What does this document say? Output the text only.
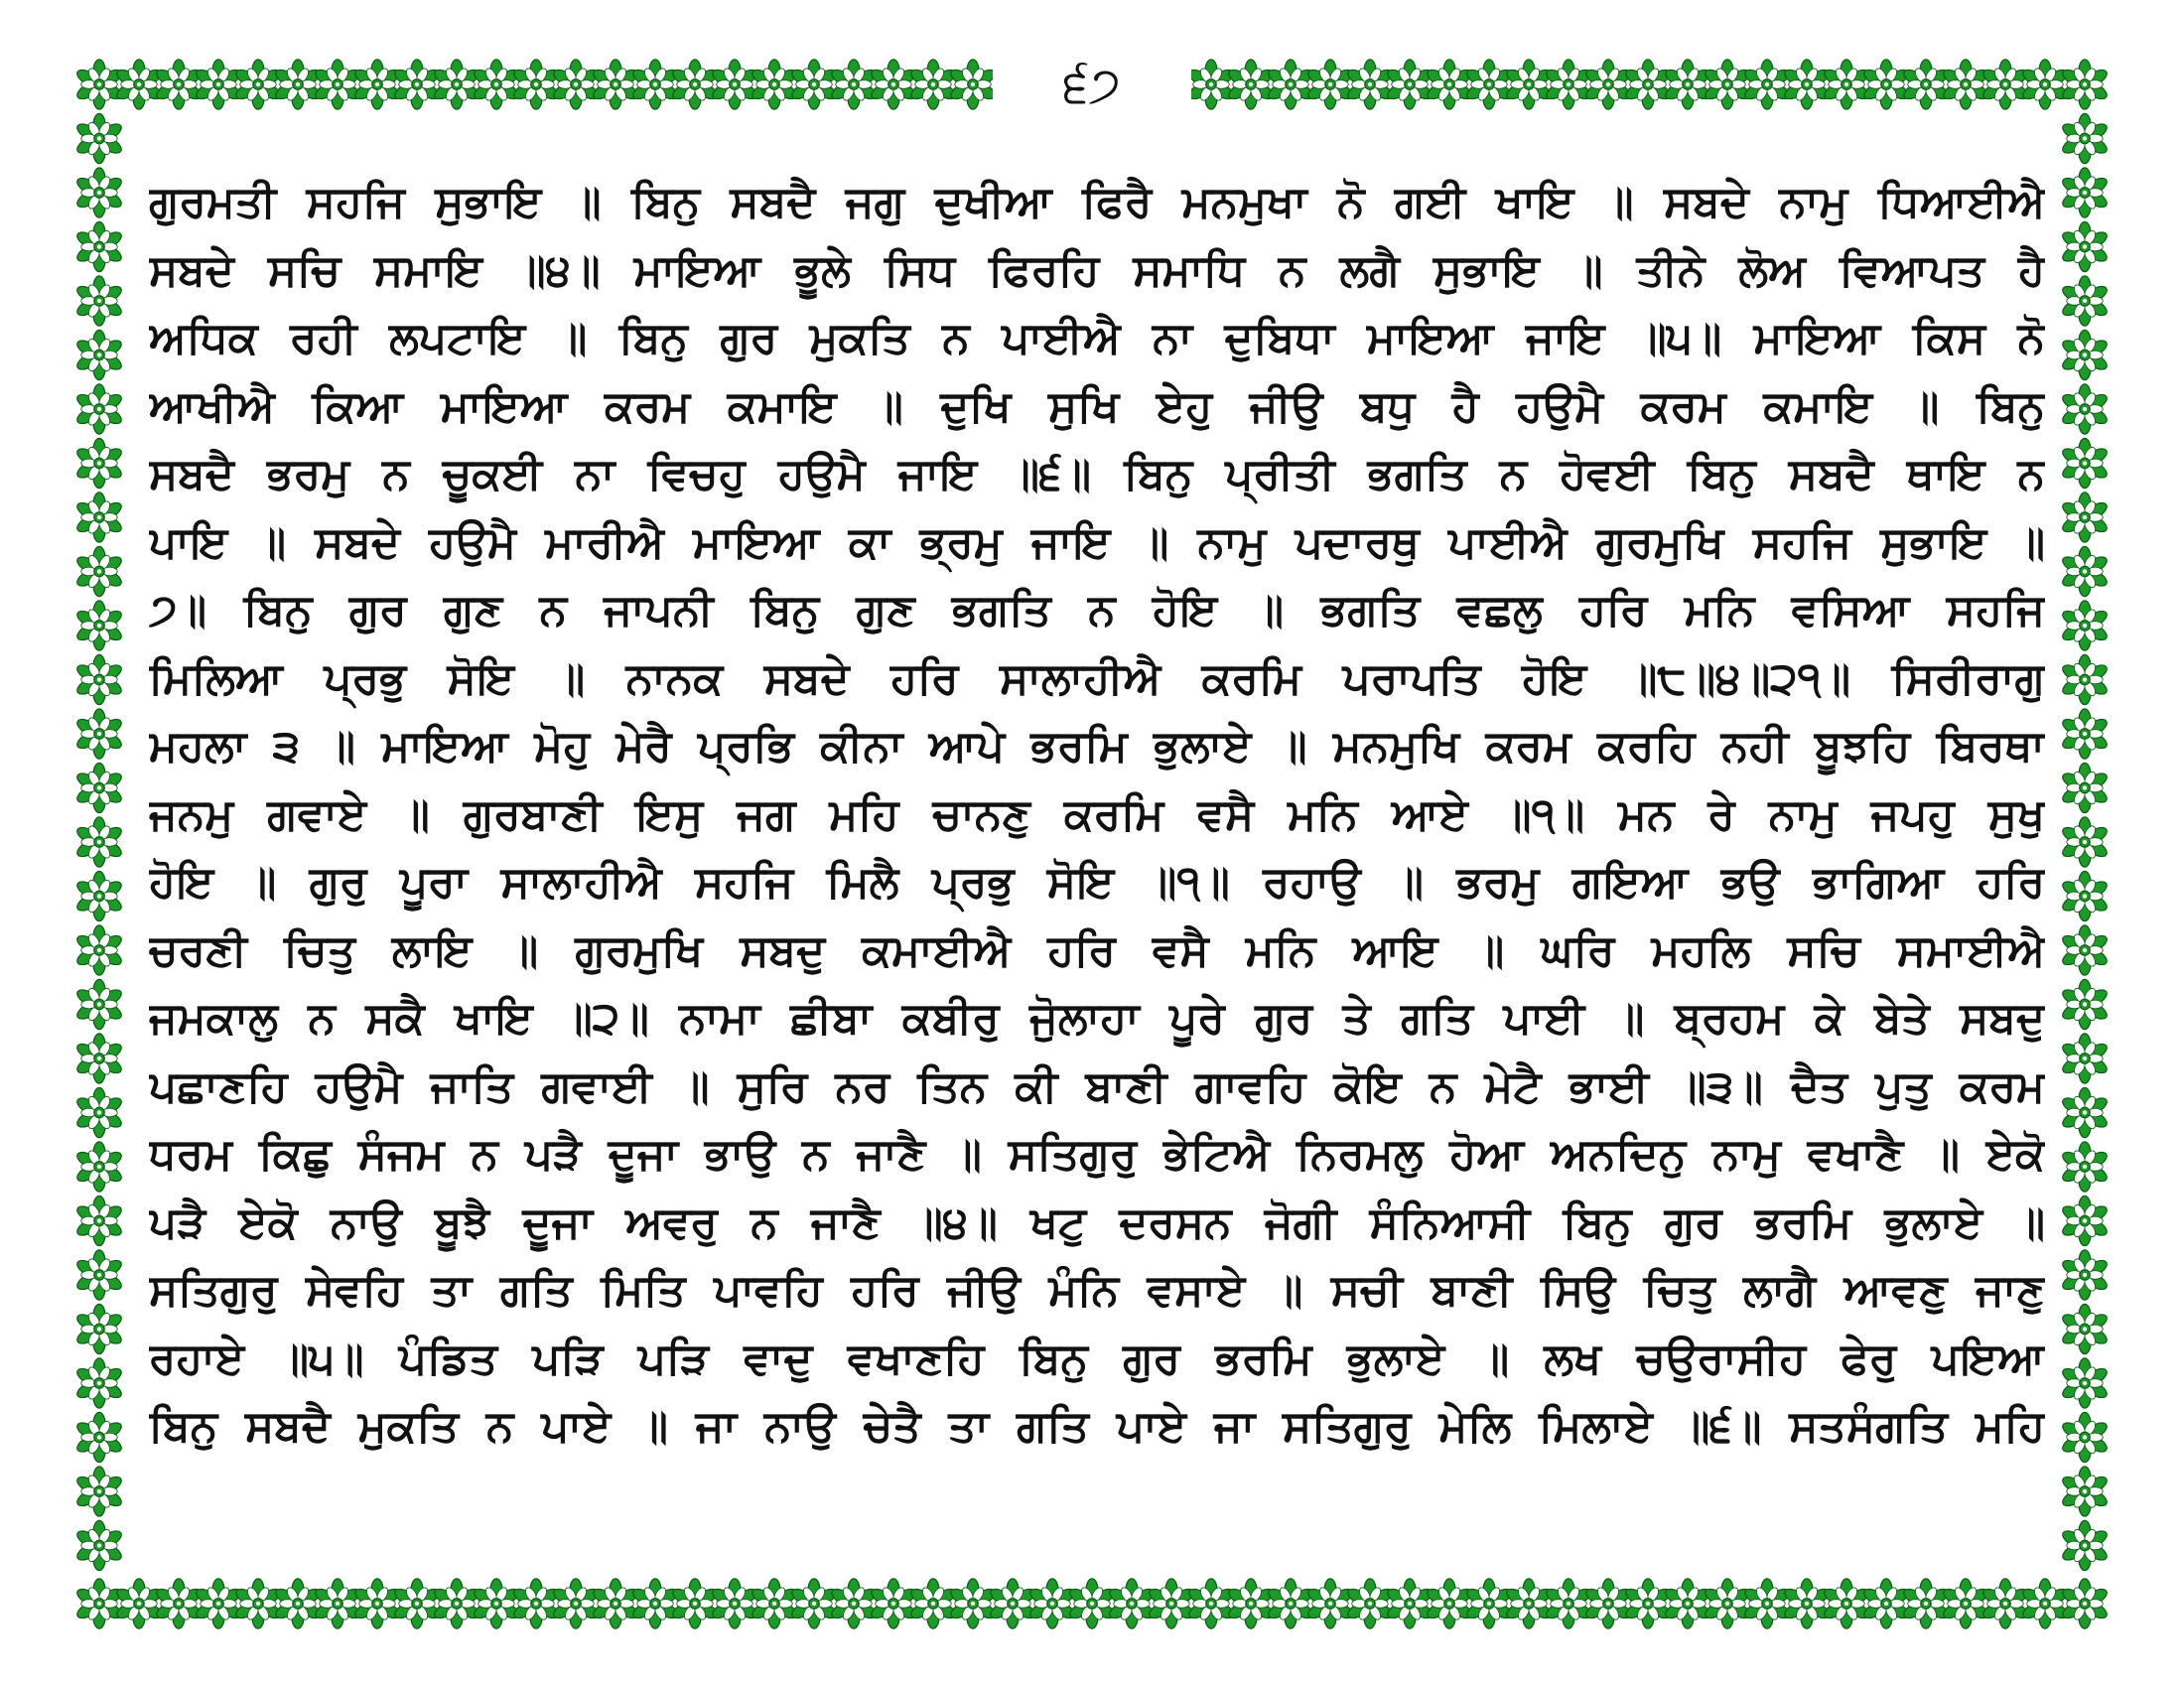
੬੭
ਗੁਰਮਤੀ ਸਹਜਿ ਸੁਭਾਇ ॥ ਬਿਨੁ ਸਬਦੈ ਜਗੁ ਦੁਖੀਆ ਫਿਰੈ ਮਨਮੁਖਾ ਨੋ ਗਈ ਖਾਇ ॥ ਸਬਦੇ ਨਾਮੁ ਧਿਆਈਐ
ਸਬਦੇ ਸਚਿ ਸਮਾਇ ॥੪॥ ਮਾਇਆ ਭੂਲੇ ਸਿਧ ਫਿਰਹਿ ਸਮਾਧਿ ਨ ਲਗੈ ਸੁਭਾਇ ॥ ਤੀਨੇ ਲੋਅ ਵਿਆਪਤ ਹੈ
ਅਧਿਕ ਰਹੀ ਲਪਟਾਇ ॥ ਬਿਨੁ ਗੁਰ ਮੁਕਤਿ ਨ ਪਾਈਐ ਨਾ ਦੁਬਿਧਾ ਮਾਇਆ ਜਾਇ ॥੫॥ ਮਾਇਆ ਕਿਸ ਨੋ
ਆਖੀਐ ਕਿਆ ਮਾਇਆ ਕਰਮ ਕਮਾਇ ॥ ਦੁਖਿ ਸੁਖਿ ਏਹੁ ਜੀਉ ਬਧੁ ਹੈ ਹਉਮੈ ਕਰਮ ਕਮਾਇ ॥ ਬਿਨੁ
ਸਬਦੈ ਭਰਮੁ ਨ ਚੂਕਈ ਨਾ ਵਿਚਹੁ ਹਉਮੈ ਜਾਇ ॥੬॥ ਬਿਨੁ ਪ੍ਰੀਤੀ ਭਗਤਿ ਨ ਹੋਵਈ ਬਿਨੁ ਸਬਦੈ ਥਾਇ ਨ
ਪਾਇ ॥ ਸਬਦੇ ਹਉਮੈ ਮਾਰੀਐ ਮਾਇਆ ਕਾ ਭ੍ਰਮੁ ਜਾਇ ॥ ਨਾਮੁ ਪਦਾਰਥੁ ਪਾਈਐ ਗੁਰਮੁਖਿ ਸਹਜਿ ਸੁਭਾਇ ॥
੭॥ ਬਿਨੁ ਗੁਰ ਗੁਣ ਨ ਜਾਪਨੀ ਬਿਨੁ ਗੁਣ ਭਗਤਿ ਨ ਹੋਇ ॥ ਭਗਤਿ ਵਛਲੁ ਹਰਿ ਮਨਿ ਵਸਿਆ ਸਹਜਿ
ਮਿਲਿਆ ਪ੍ਰਭੁ ਸੋਇ ॥ ਨਾਨਕ ਸਬਦੇ ਹਰਿ ਸਾਲਾਹੀਐ ਕਰਮਿ ਪਰਾਪਤਿ ਹੋਇ ॥੮॥੪॥੨੧॥ ਸਿਰੀਰਾਗੁ
ਮਹਲਾ ੩ ॥ ਮਾਇਆ ਮੋਹੁ ਮੇਰੈ ਪ੍ਰਭਿ ਕੀਨਾ ਆਪੇ ਭਰਮਿ ਭੁਲਾਏ ॥ ਮਨਮੁਖਿ ਕਰਮ ਕਰਹਿ ਨਹੀ ਬੂਝਹਿ ਬਿਰਥਾ
ਜਨਮੁ ਗਵਾਏ ॥ ਗੁਰਬਾਣੀ ਇਸੁ ਜਗ ਮਹਿ ਚਾਨਣੁ ਕਰਮਿ ਵਸੈ ਮਨਿ ਆਏ ॥੧॥ ਮਨ ਰੇ ਨਾਮੁ ਜਪਹੁ ਸੁਖੁ
ਹੋਇ ॥ ਗੁਰੁ ਪੂਰਾ ਸਾਲਾਹੀਐ ਸਹਜਿ ਮਿਲੈ ਪ੍ਰਭੁ ਸੋਇ ॥੧॥ ਰਹਾਉ ॥ ਭਰਮੁ ਗਇਆ ਭਉ ਭਾਗਿਆ ਹਰਿ
ਚਰਣੀ ਚਿਤੁ ਲਾਇ ॥ ਗੁਰਮੁਖਿ ਸਬਦੁ ਕਮਾਈਐ ਹਰਿ ਵਸੈ ਮਨਿ ਆਇ ॥ ਘਰਿ ਮਹਲਿ ਸਚਿ ਸਮਾਈਐ
ਜਮਕਾਲੁ ਨ ਸਕੈ ਖਾਇ ॥੨॥ ਨਾਮਾ ਛੀਬਾ ਕਬੀਰੁ ਜੋੁਲਾਹਾ ਪੂਰੇ ਗੁਰ ਤੇ ਗਤਿ ਪਾਈ ॥ ਬ੍ਰਹਮ ਕੇ ਬੇਤੇ ਸਬਦੁ
ਪਛਾਣਹਿ ਹਉਮੈ ਜਾਤਿ ਗਵਾਈ ॥ ਸੁਰਿ ਨਰ ਤਿਨ ਕੀ ਬਾਣੀ ਗਾਵਹਿ ਕੋਇ ਨ ਮੇਟੈ ਭਾਈ ॥੩॥ ਦੈਤ ਪੁਤੁ ਕਰਮ
ਧਰਮ ਕਿਛੁ ਸੰਜਮ ਨ ਪੜੈ ਦੂਜਾ ਭਾਉ ਨ ਜਾਣੈ ॥ ਸਤਿਗੁਰੁ ਭੇਟਿਐ ਨਿਰਮਲੁ ਹੋਆ ਅਨਦਿਨੁ ਨਾਮੁ ਵਖਾਣੈ ॥ ਏਕੋ
ਪੜੈ ਏਕੋ ਨਾਉ ਬੂਝੈ ਦੂਜਾ ਅਵਰੁ ਨ ਜਾਣੈ ॥੪॥ ਖਟੁ ਦਰਸਨ ਜੋਗੀ ਸੰਨਿਆਸੀ ਬਿਨੁ ਗੁਰ ਭਰਮਿ ਭੁਲਾਏ ॥
ਸਤਿਗੁਰੁ ਸੇਵਹਿ ਤਾ ਗਤਿ ਮਿਤਿ ਪਾਵਹਿ ਹਰਿ ਜੀਉ ਮੰਨਿ ਵਸਾਏ ॥ ਸਚੀ ਬਾਣੀ ਸਿਉ ਚਿਤੁ ਲਾਗੈ ਆਵਣੁ ਜਾਣੁ
ਰਹਾਏ ॥੫॥ ਪੰਡਿਤ ਪੜਿ ਪੜਿ ਵਾਦੁ ਵਖਾਣਹਿ ਬਿਨੁ ਗੁਰ ਭਰਮਿ ਭੁਲਾਏ ॥ ਲਖ ਚਉਰਾਸੀਹ ਫੇਰੁ ਪਇਆ
ਬਿਨੁ ਸਬਦੈ ਮੁਕਤਿ ਨ ਪਾਏ ॥ ਜਾ ਨਾਉ ਚੇਤੈ ਤਾ ਗਤਿ ਪਾਏ ਜਾ ਸਤਿਗੁਰੁ ਮੇਲਿ ਮਿਲਾਏ ॥੬॥ ਸਤਸੰਗਤਿ ਮਹਿ
